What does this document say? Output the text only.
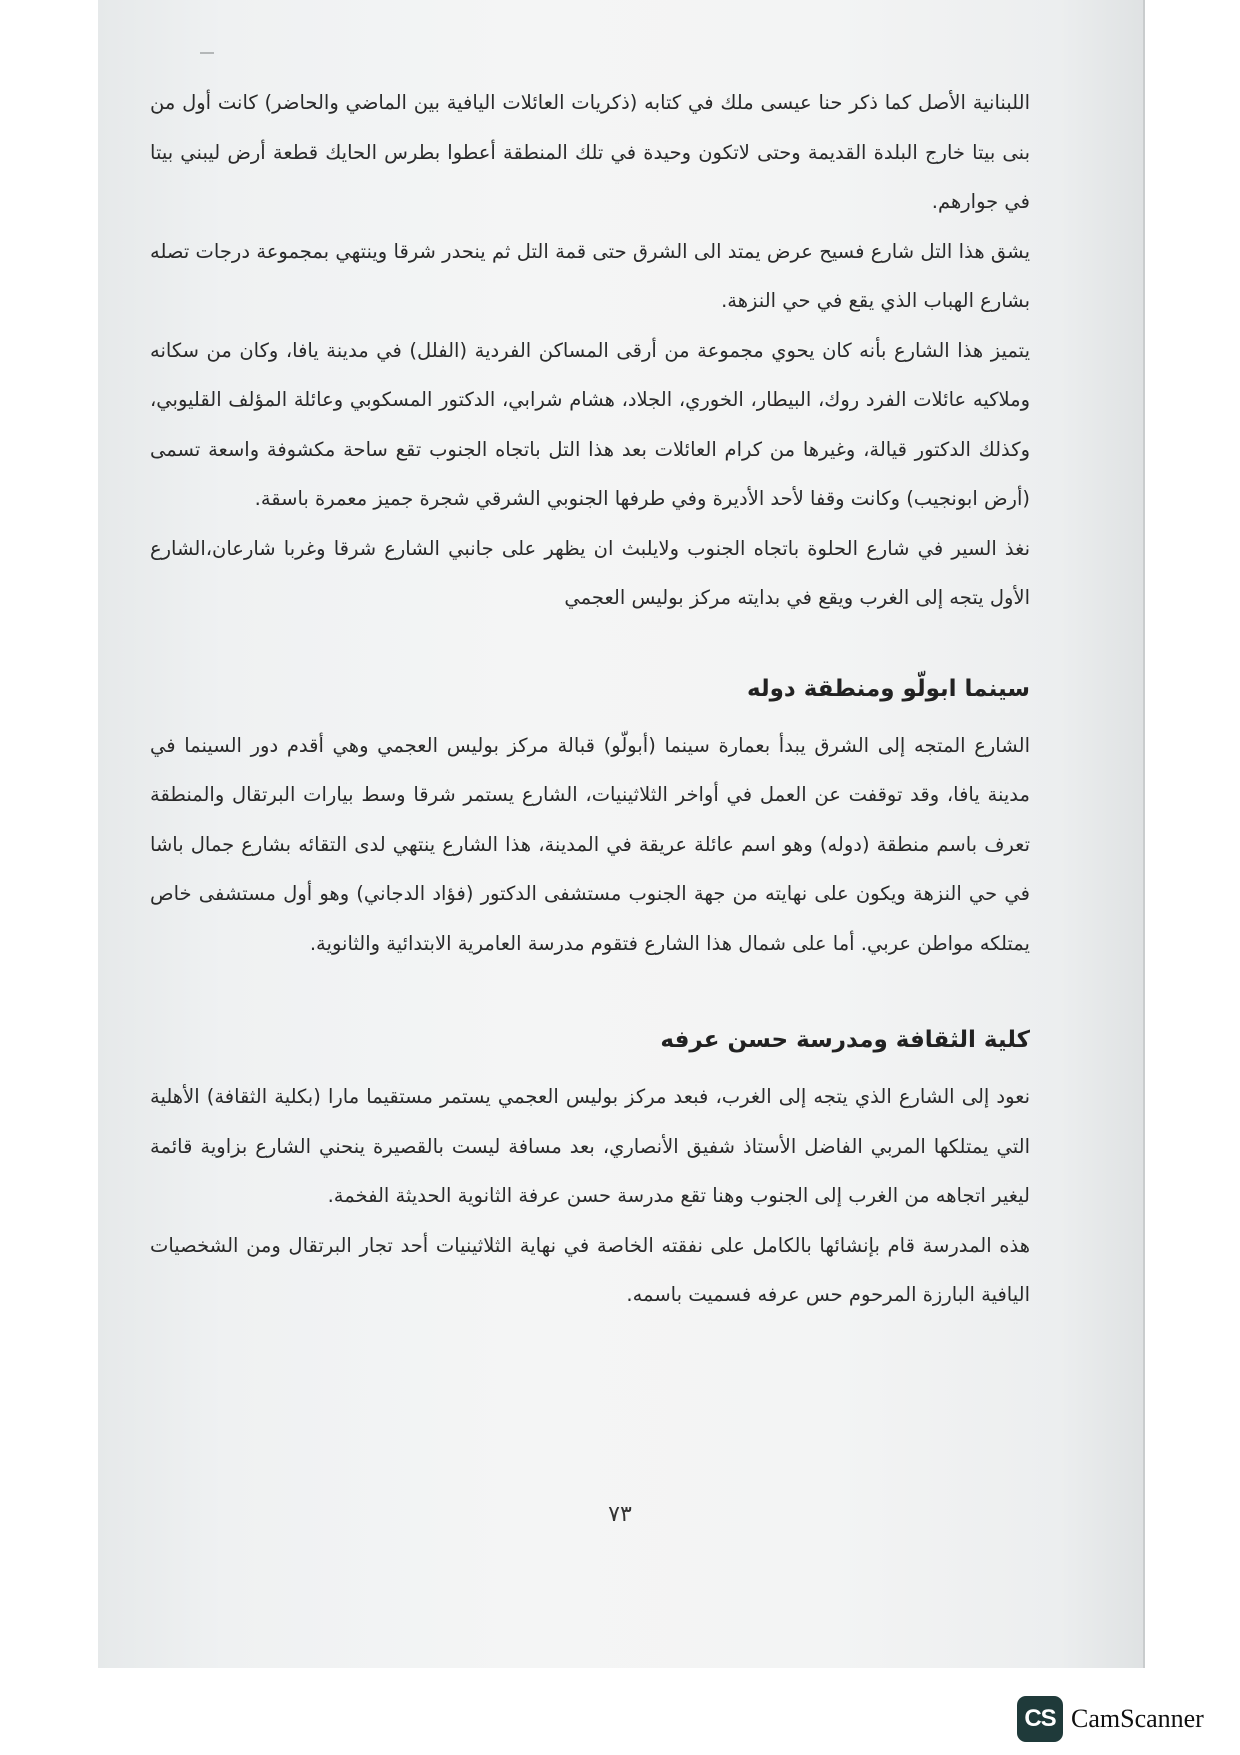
اللبنانية الأصل كما ذكر حنا عيسى ملك في كتابه (ذكريات العائلات اليافية بين الماضي والحاضر) كانت أول من بنى بيتا خارج البلدة القديمة وحتى لاتكون وحيدة في تلك المنطقة أعطوا بطرس الحايك قطعة أرض ليبني بيتا في جوارهم.

يشق هذا التل شارع فسيح عرض يمتد الى الشرق حتى قمة التل ثم ينحدر شرقا وينتهي بمجموعة درجات تصله بشارع الهباب الذي يقع في حي النزهة.

يتميز هذا الشارع بأنه كان يحوي مجموعة من أرقى المساكن الفردية (الفلل) في مدينة يافا، وكان من سكانه وملاكيه عائلات الفرد روك، البيطار، الخوري، الجلاد، هشام شرابي، الدكتور المسكوبي وعائلة المؤلف القليوبي، وكذلك الدكتور قيالة، وغيرها من كرام العائلات بعد هذا التل باتجاه الجنوب تقع ساحة مكشوفة واسعة تسمى (أرض ابونجيب) وكانت وقفا لأحد الأديرة وفي طرفها الجنوبي الشرقي شجرة جميز معمرة باسقة.

نغذ السير في شارع الحلوة باتجاه الجنوب ولايلبث ان يظهر على جانبي الشارع شرقا وغربا شارعان،الشارع الأول يتجه إلى الغرب ويقع في بدايته مركز بوليس العجمي

سينما ابولّو ومنطقة دوله

الشارع المتجه إلى الشرق يبدأ بعمارة سينما (أبولّو) قبالة مركز بوليس العجمي وهي أقدم دور السينما في مدينة يافا، وقد توقفت عن العمل في أواخر الثلاثينيات، الشارع يستمر شرقا وسط بيارات البرتقال والمنطقة تعرف باسم منطقة (دوله) وهو اسم عائلة عريقة في المدينة، هذا الشارع ينتهي لدى التقائه بشارع جمال باشا في حي النزهة ويكون على نهايته من جهة الجنوب مستشفى الدكتور (فؤاد الدجاني) وهو أول مستشفى خاص يمتلكه مواطن عربي. أما على شمال هذا الشارع فتقوم مدرسة العامرية الابتدائية والثانوية.

كلية الثقافة ومدرسة حسن عرفه

نعود إلى الشارع الذي يتجه إلى الغرب، فبعد مركز بوليس العجمي يستمر مستقيما مارا (بكلية الثقافة) الأهلية التي يمتلكها المربي الفاضل الأستاذ شفيق الأنصاري، بعد مسافة ليست بالقصيرة ينحني الشارع بزاوية قائمة ليغير اتجاهه من الغرب إلى الجنوب وهنا تقع مدرسة حسن عرفة الثانوية الحديثة الفخمة.

هذه المدرسة قام بإنشائها بالكامل على نفقته الخاصة في نهاية الثلاثينيات أحد تجار البرتقال ومن الشخصيات اليافية البارزة المرحوم حس عرفه فسميت باسمه.

٧٣
CS CamScanner
